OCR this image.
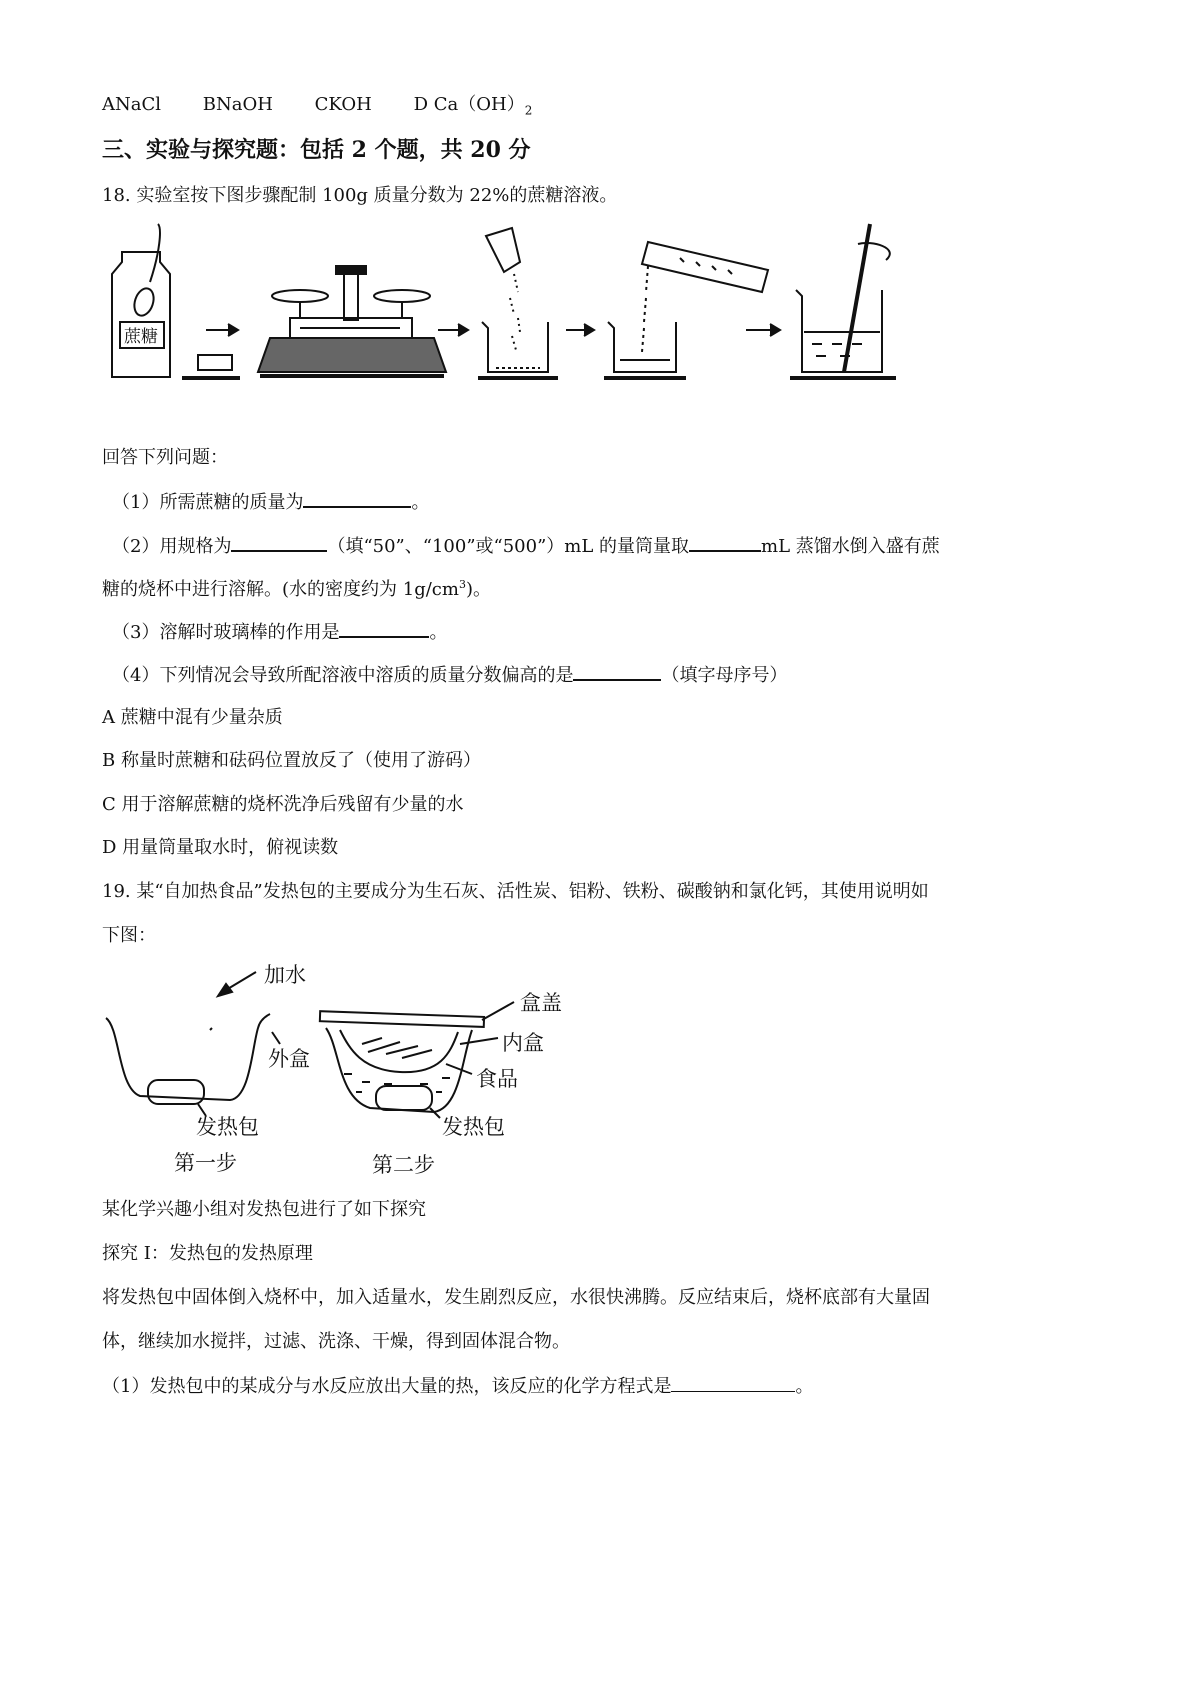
ANaCl BNaOH CKOH D $Ca(OH)_2$
三、实验与探究题：包括 2 个题，共 20 分
18. 实验室按下图步骤配制 100g 质量分数为 22%的蔗糖溶液。
蔗糖
回答下列问题：
（1）所需蔗糖的质量为	。
（2）用规格为	（填“50”、“100”或“500”）mL 的量筒量取	mL 蒸馏水倒入盛有蔗
糖的烧杯中进行溶解。(水的密度约为 $1g/cm^3$)。
（3）溶解时玻璃棒的作用是	。
（4）下列情况会导致所配溶液中溶质的质量分数偏高的是	（填字母序号）
A 蔗糖中混有少量杂质
B 称量时蔗糖和砝码位置放反了（使用了游码）
C 用于溶解蔗糖的烧杯洗净后残留有少量的水
D 用量筒量取水时，俯视读数
19. 某“自加热食品”发热包的主要成分为生石灰、活性炭、铝粉、铁粉、碳酸钠和氯化钙，其使用说明如
下图：
加水
外盒
发热包
第一步
盒盖
内盒
食品
发热包
第二步
某化学兴趣小组对发热包进行了如下探究
探究 I：发热包的发热原理
将发热包中固体倒入烧杯中，加入适量水，发生剧烈反应，水很快沸腾。反应结束后，烧杯底部有大量固
体，继续加水搅拌，过滤、洗涤、干燥，得到固体混合物。
（1）发热包中的某成分与水反应放出大量的热，该反应的化学方程式是	。
